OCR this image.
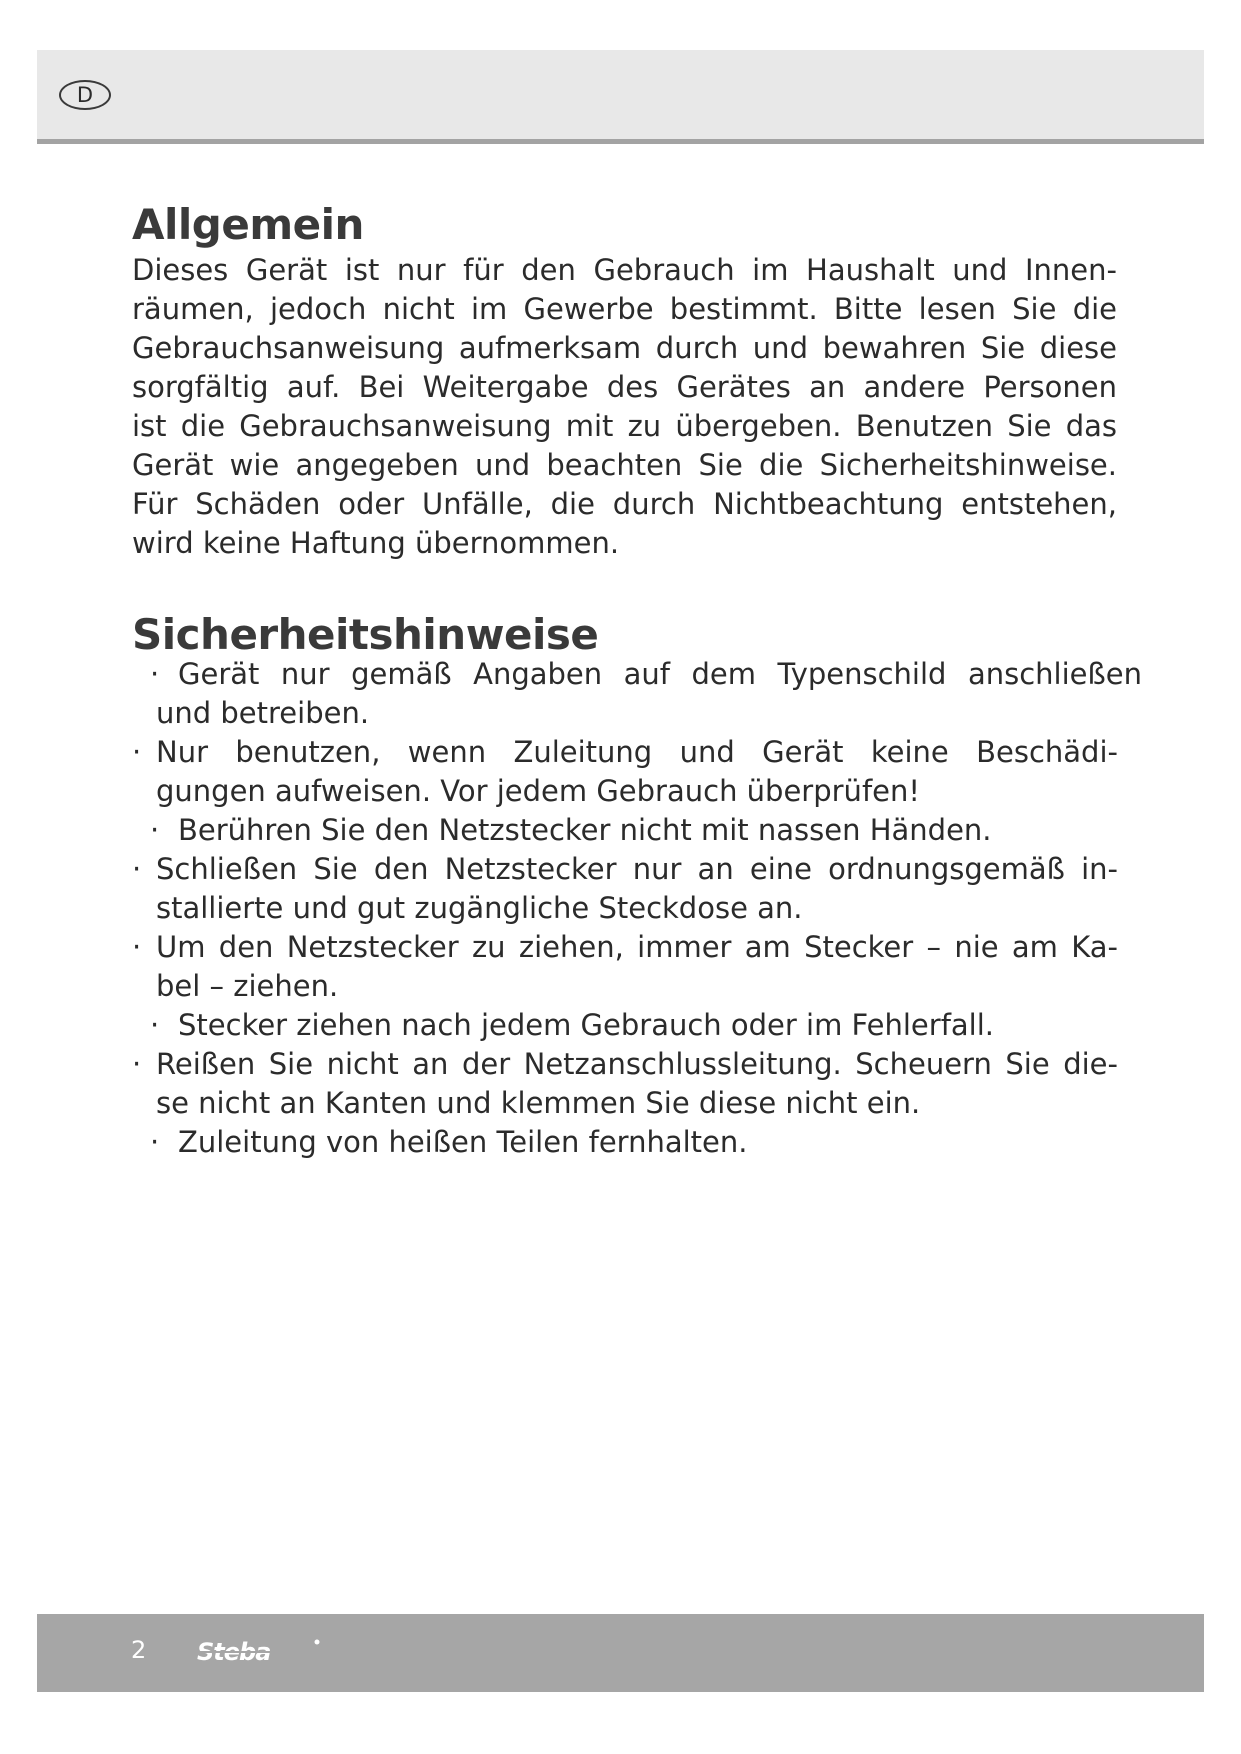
D
Allgemein

Dieses Gerät ist nur für den Gebrauch im Haushalt und Innen-
räumen, jedoch nicht im Gewerbe bestimmt. Bitte lesen Sie die
Gebrauchsanweisung aufmerksam durch und bewahren Sie diese
sorgfältig auf. Bei Weitergabe des Gerätes an andere Personen
ist die Gebrauchsanweisung mit zu übergeben. Benutzen Sie das
Gerät wie angegeben und beachten Sie die Sicherheitshinweise.
Für Schäden oder Unfälle, die durch Nichtbeachtung entstehen,
wird keine Haftung übernommen.

Sicherheitshinweise
· Gerät nur gemäß Angaben auf dem Typenschild anschließen
und betreiben.
· Nur benutzen, wenn Zuleitung und Gerät keine Beschädi-
gungen aufweisen. Vor jedem Gebrauch überprüfen!
· Berühren Sie den Netzstecker nicht mit nassen Händen.
· Schließen Sie den Netzstecker nur an eine ordnungsgemäß in-
stallierte und gut zugängliche Steckdose an.
· Um den Netzstecker zu ziehen, immer am Stecker – nie am Ka-
bel – ziehen.
· Stecker ziehen nach jedem Gebrauch oder im Fehlerfall.
· Reißen Sie nicht an der Netzanschlussleitung. Scheuern Sie die-
se nicht an Kanten und klemmen Sie diese nicht ein.
· Zuleitung von heißen Teilen fernhalten.
2 Steba
